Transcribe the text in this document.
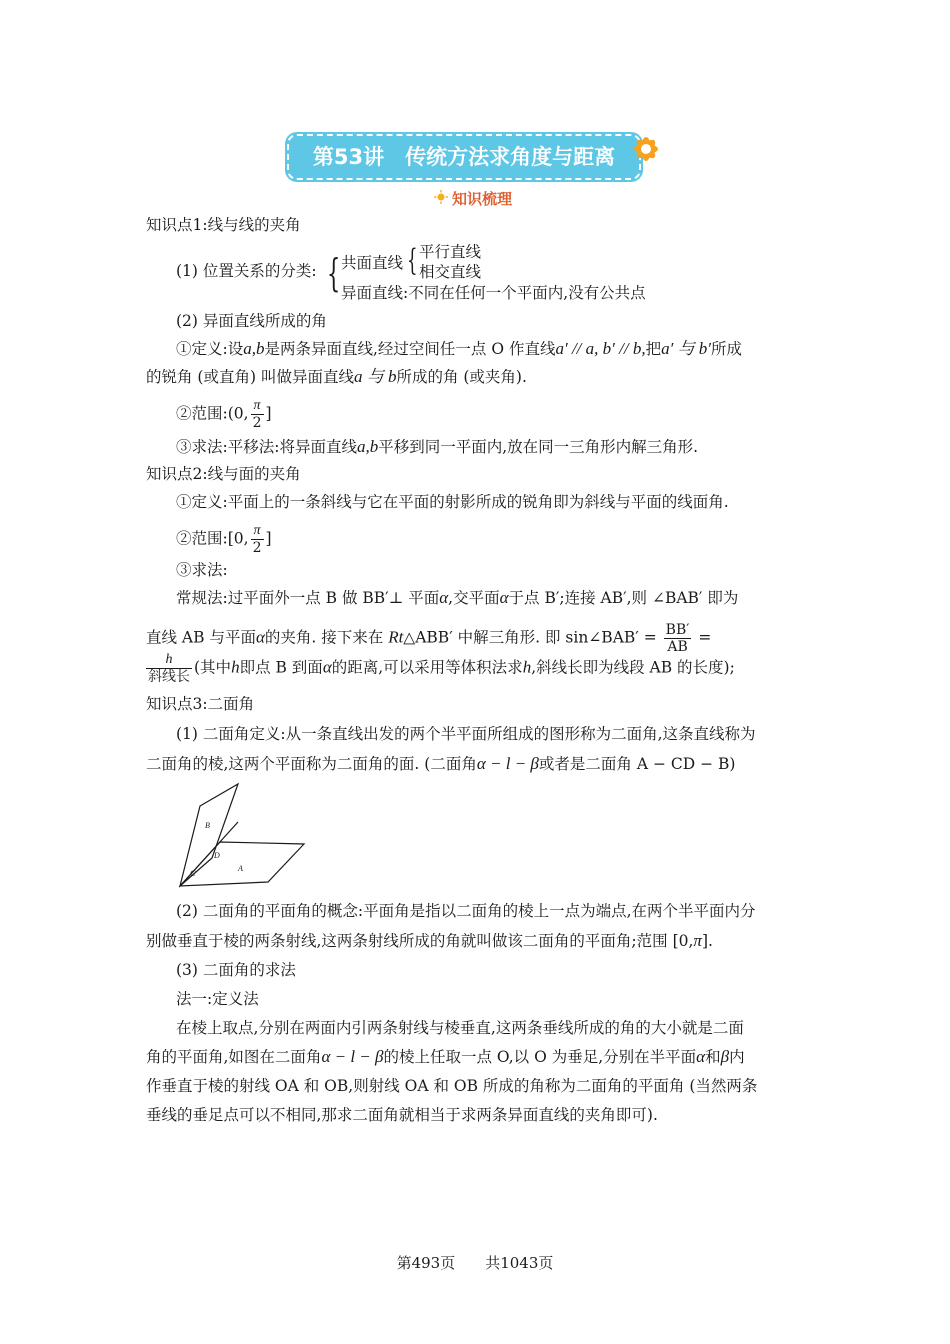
第53讲　传统方法求角度与距离
知识梳理
知识点1:线与线的夹角
(1) 位置关系的分类: { 共面直线 { 平行直线
相交直线
异面直线:不同在任何一个平面内,没有公共点
(2) 异面直线所成的角
①定义:设a,b是两条异面直线,经过空间任一点 O 作直线a′ // a, b′ // b,把a′ 与 b′所成
的锐角 (或直角) 叫做异面直线a 与 b所成的角 (或夹角).
②范围:(0, $\frac{\pi}{2}$ ]
③求法:平移法:将异面直线a,b平移到同一平面内,放在同一三角形内解三角形.
知识点2:线与面的夹角
①定义:平面上的一条斜线与它在平面的射影所成的锐角即为斜线与平面的线面角.
②范围:[0, $\frac{\pi}{2}$ ]
③求法:
常规法:过平面外一点 B 做 BB′⊥ 平面α,交平面α于点 B′;连接 AB′,则 ∠BAB′ 即为
直线 AB 与平面α的夹角. 接下来在 Rt△ABB′ 中解三角形. 即 sin∠BAB′ = $\frac{BB'}{AB}$ =
$\frac{h}{\text{斜线长}}$ (其中h即点 B 到面α的距离,可以采用等体积法求h,斜线长即为线段 AB 的长度);
知识点3:二面角
(1) 二面角定义:从一条直线出发的两个半平面所组成的图形称为二面角,这条直线称为
二面角的棱,这两个平面称为二面角的面. (二面角α − l − β或者是二面角 A − CD − B)
B
D
A
C
(2) 二面角的平面角的概念:平面角是指以二面角的棱上一点为端点,在两个半平面内分
别做垂直于棱的两条射线,这两条射线所成的角就叫做该二面角的平面角;范围 [0,π].
(3) 二面角的求法
法一:定义法
在棱上取点,分别在两面内引两条射线与棱垂直,这两条垂线所成的角的大小就是二面
角的平面角,如图在二面角α − l − β的棱上任取一点 O,以 O 为垂足,分别在半平面α和β内
作垂直于棱的射线 OA 和 OB,则射线 OA 和 OB 所成的角称为二面角的平面角 (当然两条
垂线的垂足点可以不相同,那求二面角就相当于求两条异面直线的夹角即可).
第493页　　共1043页
